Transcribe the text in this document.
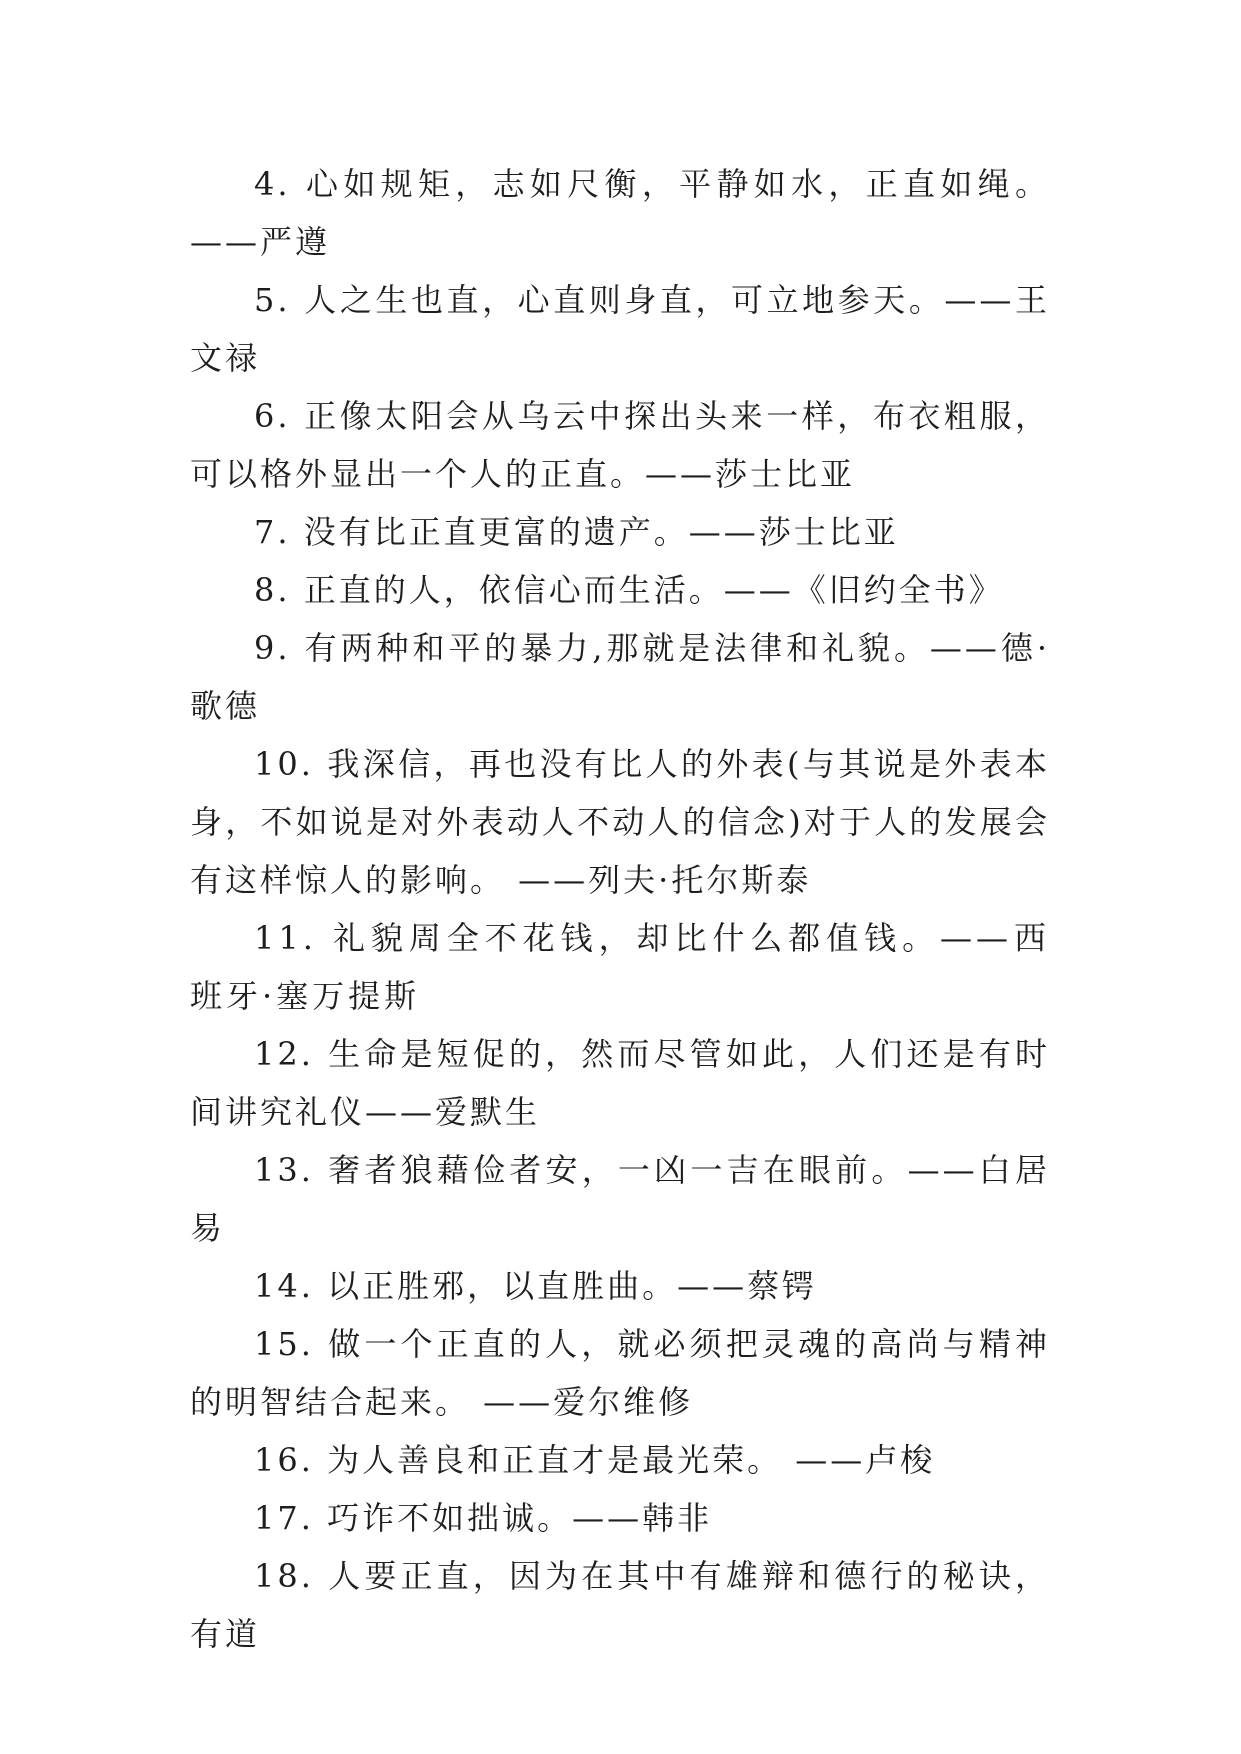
4. 心如规矩，志如尺衡，平静如水，正直如绳。——严遵

5. 人之生也直，心直则身直，可立地参天。——王文禄

6. 正像太阳会从乌云中探出头来一样，布衣粗服，可以格外显出一个人的正直。——莎士比亚

7. 没有比正直更富的遗产。——莎士比亚

8. 正直的人，依信心而生活。——《旧约全书》

9. 有两种和平的暴力,那就是法律和礼貌。——德·歌德

10. 我深信，再也没有比人的外表(与其说是外表本身，不如说是对外表动人不动人的信念)对于人的发展会有这样惊人的影响。 ——列夫·托尔斯泰

11. 礼貌周全不花钱，却比什么都值钱。——西班牙·塞万提斯

12. 生命是短促的，然而尽管如此，人们还是有时间讲究礼仪——爱默生

13. 奢者狼藉俭者安，一凶一吉在眼前。——白居易

14. 以正胜邪，以直胜曲。——蔡锷

15. 做一个正直的人，就必须把灵魂的高尚与精神的明智结合起来。 ——爱尔维修

16. 为人善良和正直才是最光荣。 ——卢梭

17. 巧诈不如拙诚。——韩非

18. 人要正直，因为在其中有雄辩和德行的秘诀，有道
